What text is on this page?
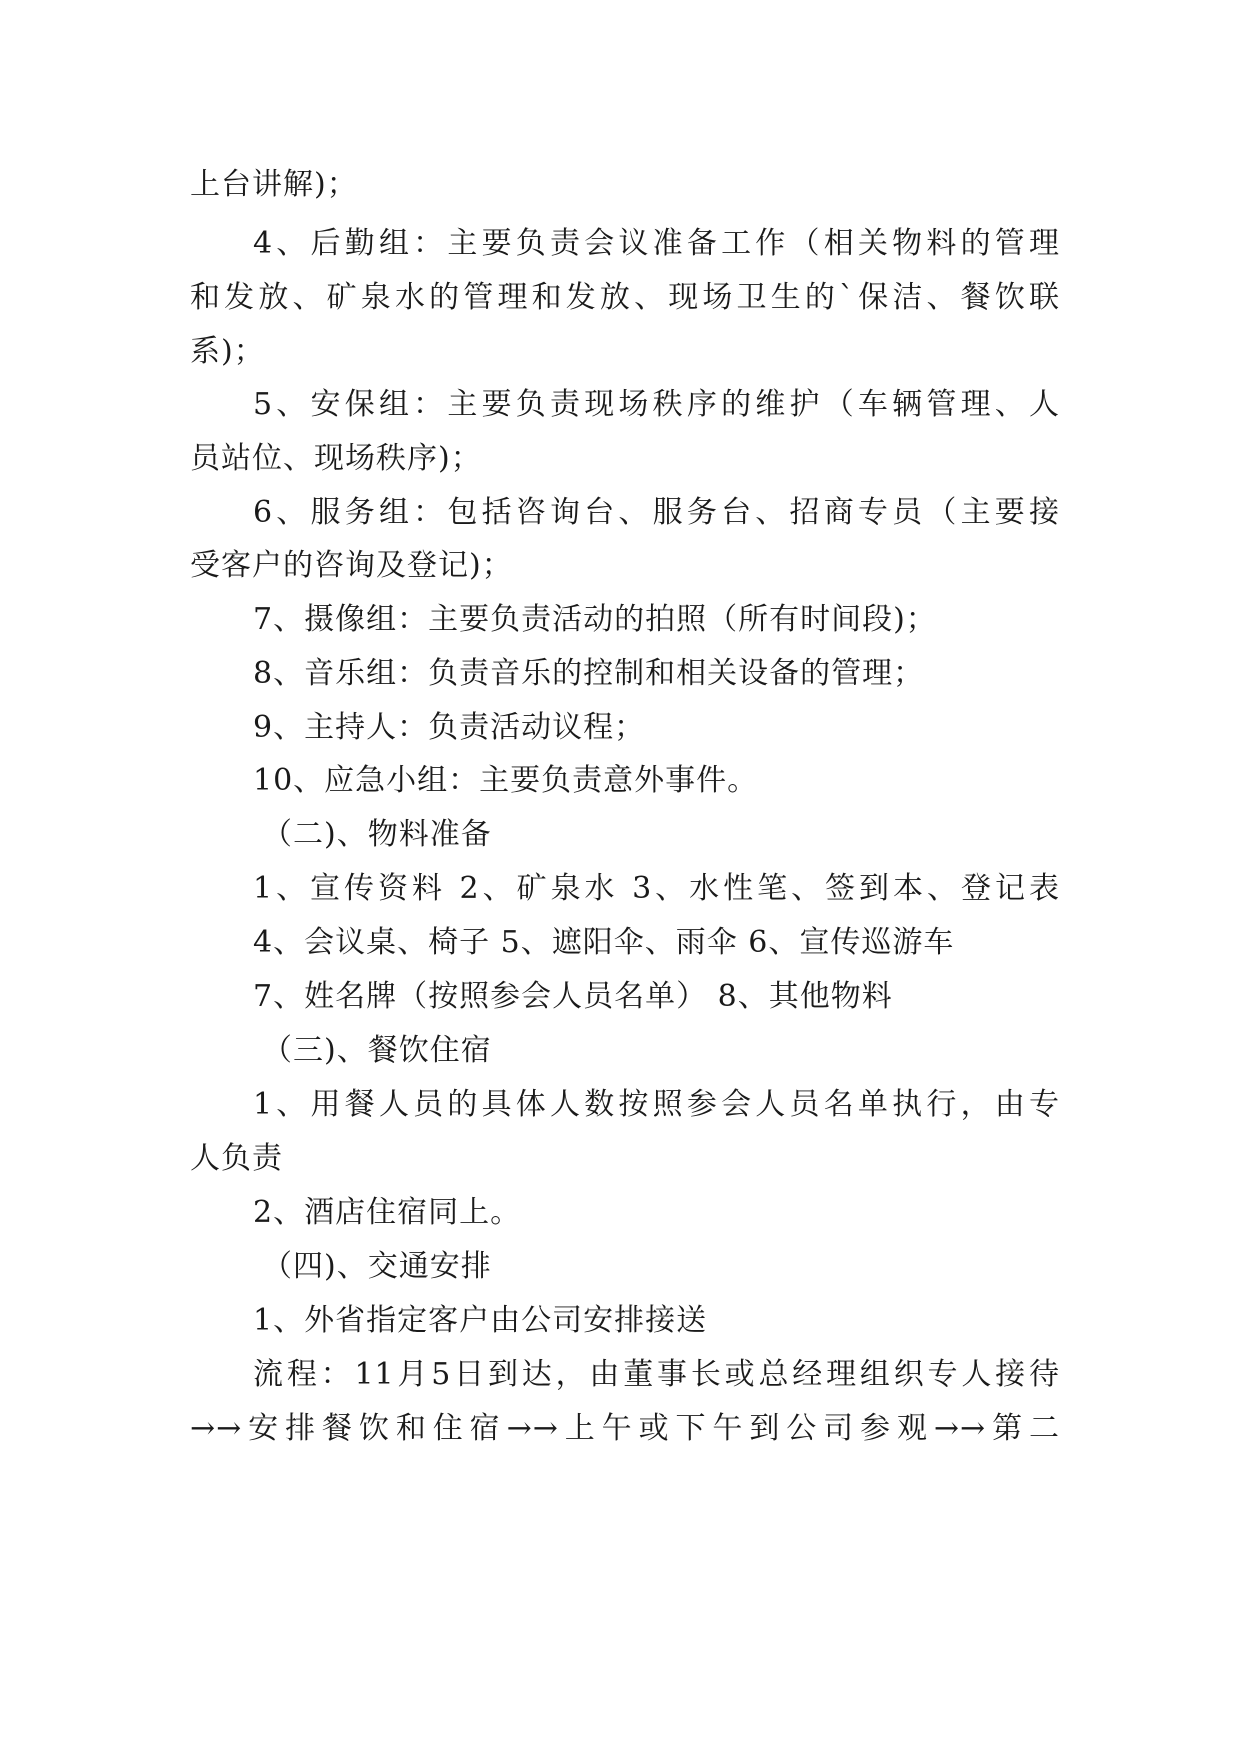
上台讲解)；
4、后勤组：主要负责会议准备工作（相关物料的管理
和发放、矿泉水的管理和发放、现场卫生的`保洁、餐饮联
系)；
5、安保组：主要负责现场秩序的维护（车辆管理、人
员站位、现场秩序)；
6、服务组：包括咨询台、服务台、招商专员（主要接
受客户的咨询及登记)；
7、摄像组：主要负责活动的拍照（所有时间段)；
8、音乐组：负责音乐的控制和相关设备的管理；
9、主持人：负责活动议程；
10、应急小组：主要负责意外事件。
（二)、物料准备
1、宣传资料 2、矿泉水 3、水性笔、签到本、登记表
4、会议桌、椅子 5、遮阳伞、雨伞 6、宣传巡游车
7、姓名牌（按照参会人员名单） 8、其他物料
（三)、餐饮住宿
1、用餐人员的具体人数按照参会人员名单执行，由专
人负责
2、酒店住宿同上。
（四)、交通安排
1、外省指定客户由公司安排接送
流程：11月5日到达，由董事长或总经理组织专人接待
→→安排餐饮和住宿→→上午或下午到公司参观→→第二
